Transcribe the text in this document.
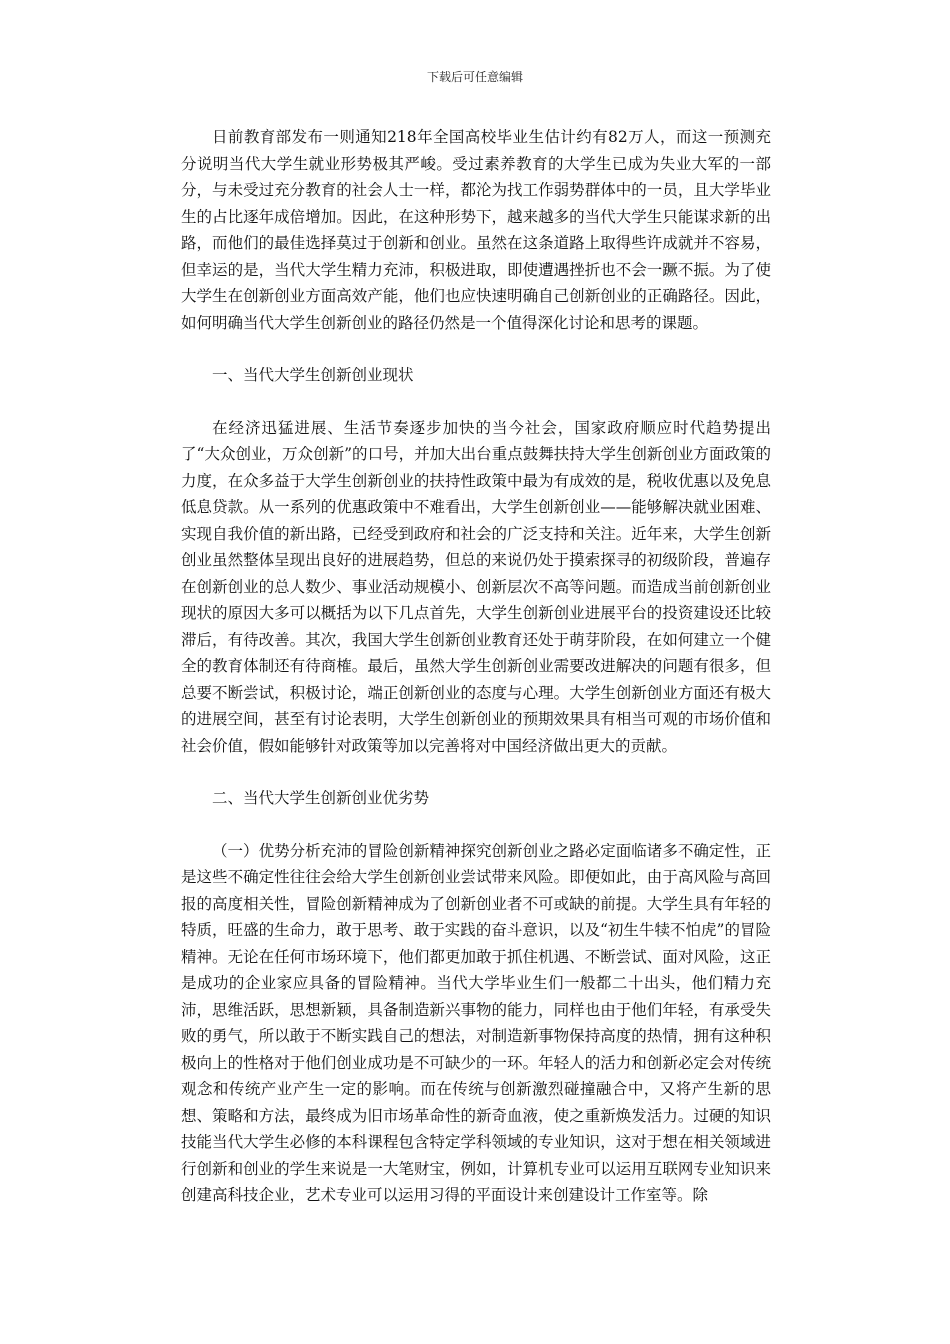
下载后可任意编辑

日前教育部发布一则通知218年全国高校毕业生估计约有82万人，而这一预测充分说明当代大学生就业形势极其严峻。受过素养教育的大学生已成为失业大军的一部分，与未受过充分教育的社会人士一样，都沦为找工作弱势群体中的一员，且大学毕业生的占比逐年成倍增加。因此，在这种形势下，越来越多的当代大学生只能谋求新的出路，而他们的最佳选择莫过于创新和创业。虽然在这条道路上取得些许成就并不容易，但幸运的是，当代大学生精力充沛，积极进取，即使遭遇挫折也不会一蹶不振。为了使大学生在创新创业方面高效产能，他们也应快速明确自己创新创业的正确路径。因此，如何明确当代大学生创新创业的路径仍然是一个值得深化讨论和思考的课题。

一、当代大学生创新创业现状

在经济迅猛进展、生活节奏逐步加快的当今社会，国家政府顺应时代趋势提出了“大众创业，万众创新”的口号，并加大出台重点鼓舞扶持大学生创新创业方面政策的力度，在众多益于大学生创新创业的扶持性政策中最为有成效的是，税收优惠以及免息低息贷款。从一系列的优惠政策中不难看出，大学生创新创业——能够解决就业困难、实现自我价值的新出路，已经受到政府和社会的广泛支持和关注。近年来，大学生创新创业虽然整体呈现出良好的进展趋势，但总的来说仍处于摸索探寻的初级阶段，普遍存在创新创业的总人数少、事业活动规模小、创新层次不高等问题。而造成当前创新创业现状的原因大多可以概括为以下几点首先，大学生创新创业进展平台的投资建设还比较滞后，有待改善。其次，我国大学生创新创业教育还处于萌芽阶段，在如何建立一个健全的教育体制还有待商榷。最后，虽然大学生创新创业需要改进解决的问题有很多，但总要不断尝试，积极讨论，端正创新创业的态度与心理。大学生创新创业方面还有极大的进展空间，甚至有讨论表明，大学生创新创业的预期效果具有相当可观的市场价值和社会价值，假如能够针对政策等加以完善将对中国经济做出更大的贡献。

二、当代大学生创新创业优劣势

（一）优势分析充沛的冒险创新精神探究创新创业之路必定面临诸多不确定性，正是这些不确定性往往会给大学生创新创业尝试带来风险。即便如此，由于高风险与高回报的高度相关性，冒险创新精神成为了创新创业者不可或缺的前提。大学生具有年轻的特质，旺盛的生命力，敢于思考、敢于实践的奋斗意识，以及“初生牛犊不怕虎”的冒险精神。无论在任何市场环境下，他们都更加敢于抓住机遇、不断尝试、面对风险，这正是成功的企业家应具备的冒险精神。当代大学毕业生们一般都二十出头，他们精力充沛，思维活跃，思想新颖，具备制造新兴事物的能力，同样也由于他们年轻，有承受失败的勇气，所以敢于不断实践自己的想法，对制造新事物保持高度的热情，拥有这种积极向上的性格对于他们创业成功是不可缺少的一环。年轻人的活力和创新必定会对传统观念和传统产业产生一定的影响。而在传统与创新激烈碰撞融合中，又将产生新的思想、策略和方法，最终成为旧市场革命性的新奇血液，使之重新焕发活力。过硬的知识技能当代大学生必修的本科课程包含特定学科领域的专业知识，这对于想在相关领域进行创新和创业的学生来说是一大笔财宝，例如，计算机专业可以运用互联网专业知识来创建高科技企业，艺术专业可以运用习得的平面设计来创建设计工作室等。除
